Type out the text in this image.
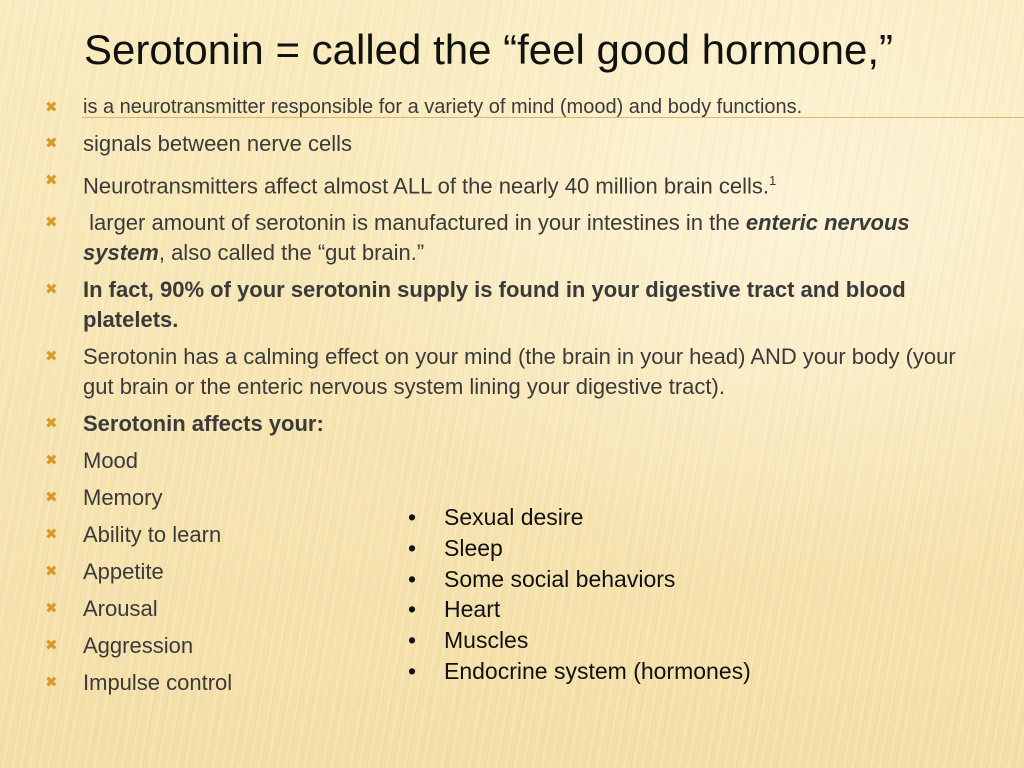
Serotonin = called the “feel good hormone,”
✖ is a neurotransmitter responsible for a variety of mind (mood) and body functions.
✖ signals between nerve cells
✖ Neurotransmitters affect almost ALL of the nearly 40 million brain cells.$^1$
✖ larger amount of serotonin is manufactured in your intestines in the enteric nervous system, also called the “gut brain.”
✖ In fact, 90% of your serotonin supply is found in your digestive tract and blood platelets.
✖ Serotonin has a calming effect on your mind (the brain in your head) AND your body (your gut brain or the enteric nervous system lining your digestive tract).
✖ Serotonin affects your:
✖ Mood
✖ Memory
✖ Ability to learn
✖ Appetite
✖ Arousal
✖ Aggression
✖ Impulse control
• Sexual desire
• Sleep
• Some social behaviors
• Heart
• Muscles
• Endocrine system (hormones)
